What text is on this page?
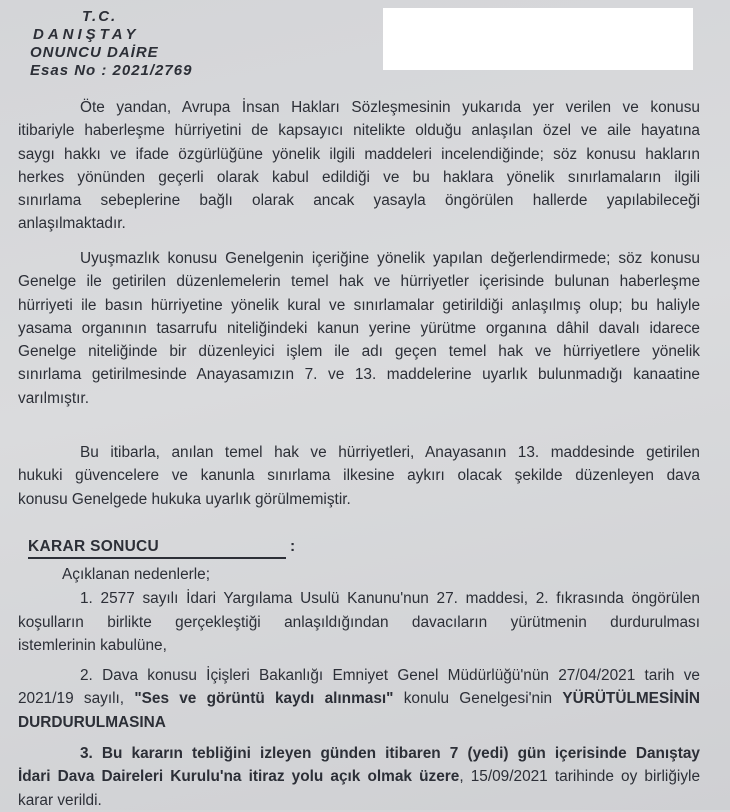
T.C.

DANIŞTAY

ONUNCU DAİRE

Esas No : 2021/2769

Öte yandan, Avrupa İnsan Hakları Sözleşmesinin yukarıda yer verilen ve konusu
itibariyle haberleşme hürriyetini de kapsayıcı nitelikte olduğu anlaşılan özel ve aile hayatına
saygı hakkı ve ifade özgürlüğüne yönelik ilgili maddeleri incelendiğinde; söz konusu hakların
herkes yönünden geçerli olarak kabul edildiği ve bu haklara yönelik sınırlamaların ilgili
sınırlama sebeplerine bağlı olarak ancak yasayla öngörülen hallerde yapılabileceği
anlaşılmaktadır.
Uyuşmazlık konusu Genelgenin içeriğine yönelik yapılan değerlendirmede; söz konusu
Genelge ile getirilen düzenlemelerin temel hak ve hürriyetler içerisinde bulunan haberleşme
hürriyeti ile basın hürriyetine yönelik kural ve sınırlamalar getirildiği anlaşılmış olup; bu haliyle
yasama organının tasarrufu niteliğindeki kanun yerine yürütme organına dâhil davalı idarece
Genelge niteliğinde bir düzenleyici işlem ile adı geçen temel hak ve hürriyetlere yönelik
sınırlama getirilmesinde Anayasamızın 7. ve 13. maddelerine uyarlık bulunmadığı kanaatine
varılmıştır.
Bu itibarla, anılan temel hak ve hürriyetleri, Anayasanın 13. maddesinde getirilen
hukuki güvencelere ve kanunla sınırlama ilkesine aykırı olacak şekilde düzenleyen dava
konusu Genelgede hukuka uyarlık görülmemiştir.
KARAR SONUCU	:
Açıklanan nedenlerle;
1. 2577 sayılı İdari Yargılama Usulü Kanunu'nun 27. maddesi, 2. fıkrasında öngörülen
koşulların birlikte gerçekleştiği anlaşıldığından davacıların yürütmenin durdurulması
istemlerinin kabulüne,
2. Dava konusu İçişleri Bakanlığı Emniyet Genel Müdürlüğü'nün 27/04/2021 tarih ve
2021/19 sayılı, "Ses ve görüntü kaydı alınması" konulu Genelgesi'nin YÜRÜTÜLMESİNİN
DURDURULMASINA
3. Bu kararın tebliğini izleyen günden itibaren 7 (yedi) gün içerisinde Danıştay
İdari Dava Daireleri Kurulu'na itiraz yolu açık olmak üzere, 15/09/2021 tarihinde oy birliğiyle
karar verildi.
